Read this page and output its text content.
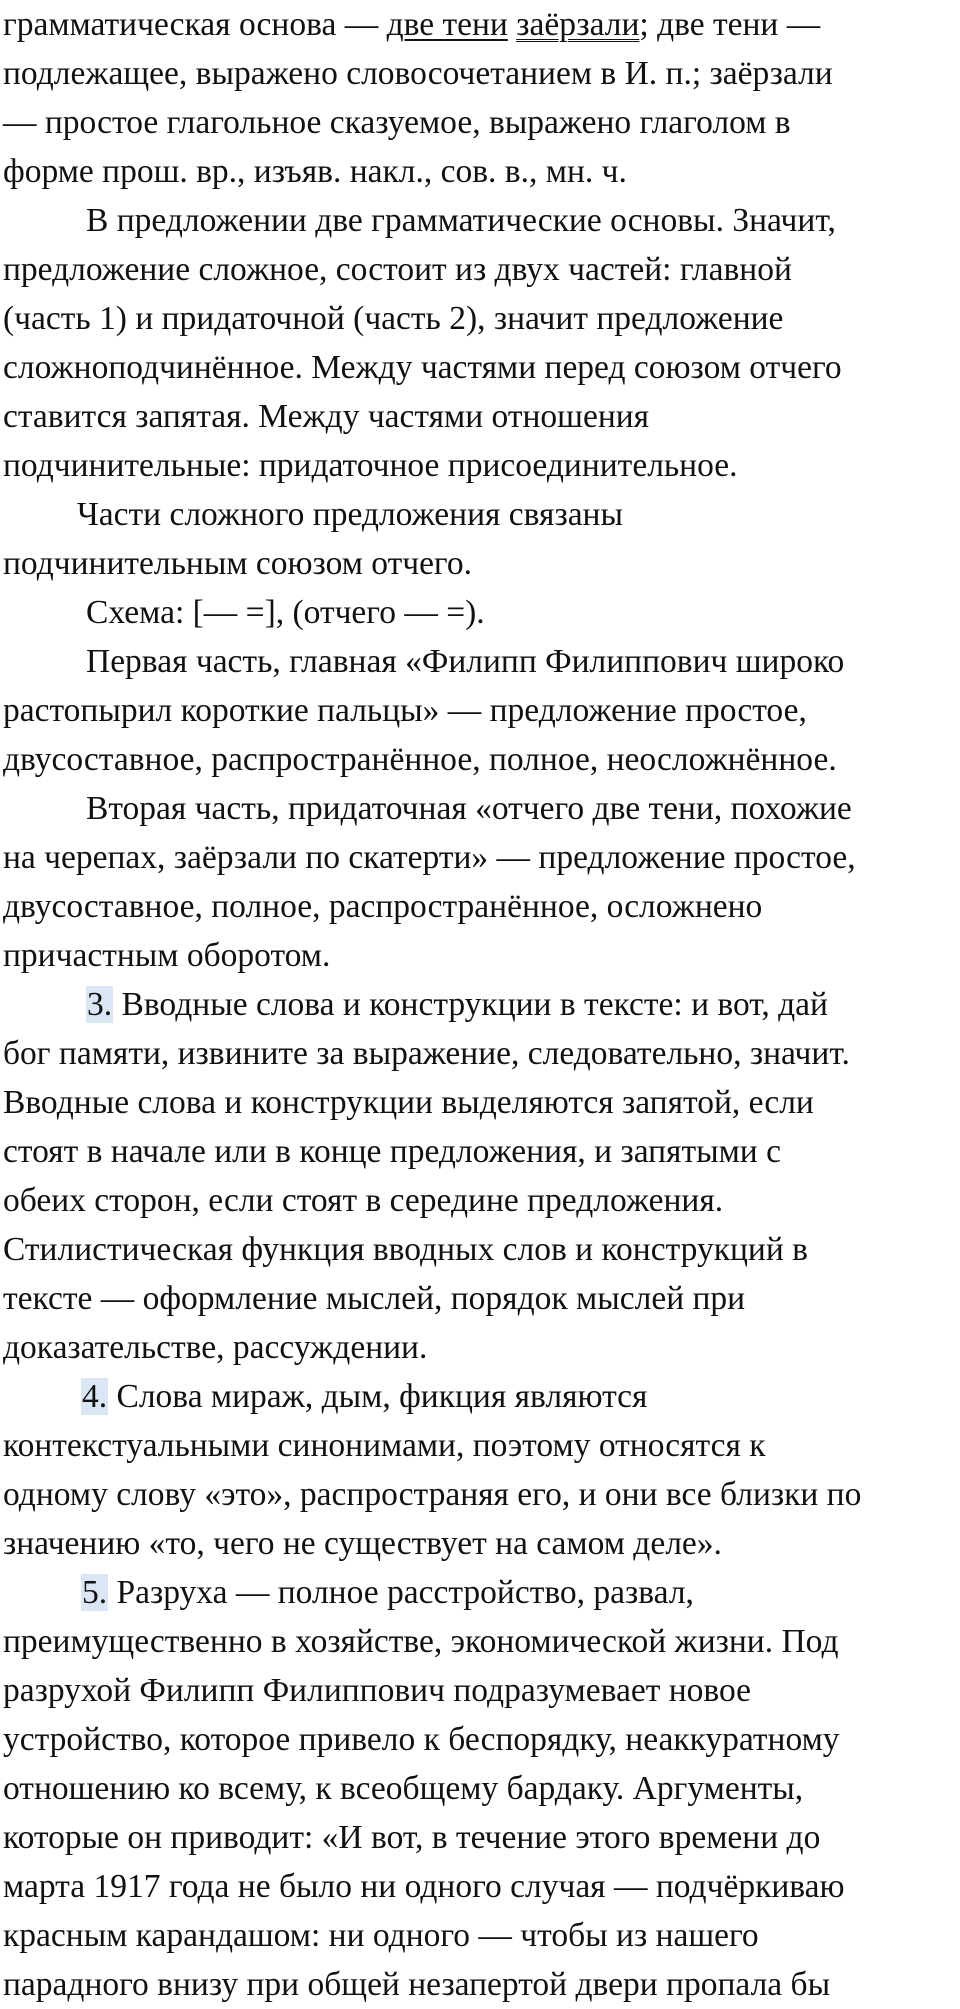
грамматическая основа — две тени заёрзали; две тени —
подлежащее, выражено словосочетанием в И. п.; заёрзали
— простое глагольное сказуемое, выражено глаголом в
форме прош. вр., изъяв. накл., сов. в., мн. ч.
В предложении две грамматические основы. Значит,
предложение сложное, состоит из двух частей: главной
(часть 1) и придаточной (часть 2), значит предложение
сложноподчинённое. Между частями перед союзом отчего
ставится запятая. Между частями отношения
подчинительные: придаточное присоединительное.
Части сложного предложения связаны
подчинительным союзом отчего.
Схема: [— =], (отчего — =).
Первая часть, главная «Филипп Филиппович широко
растопырил короткие пальцы» — предложение простое,
двусоставное, распространённое, полное, неосложнённое.
Вторая часть, придаточная «отчего две тени, похожие
на черепах, заёрзали по скатерти» — предложение простое,
двусоставное, полное, распространённое, осложнено
причастным оборотом.
3. Вводные слова и конструкции в тексте: и вот, дай
бог памяти, извините за выражение, следовательно, значит.
Вводные слова и конструкции выделяются запятой, если
стоят в начале или в конце предложения, и запятыми с
обеих сторон, если стоят в середине предложения.
Стилистическая функция вводных слов и конструкций в
тексте — оформление мыслей, порядок мыслей при
доказательстве, рассуждении.
4. Слова мираж, дым, фикция являются
контекстуальными синонимами, поэтому относятся к
одному слову «это», распространяя его, и они все близки по
значению «то, чего не существует на самом деле».
5. Разруха — полное расстройство, развал,
преимущественно в хозяйстве, экономической жизни. Под
разрухой Филипп Филиппович подразумевает новое
устройство, которое привело к беспорядку, неаккуратному
отношению ко всему, к всеобщему бардаку. Аргументы,
которые он приводит: «И вот, в течение этого времени до
марта 1917 года не было ни одного случая — подчёркиваю
красным карандашом: ни одного — чтобы из нашего
парадного внизу при общей незапертой двери пропала бы
